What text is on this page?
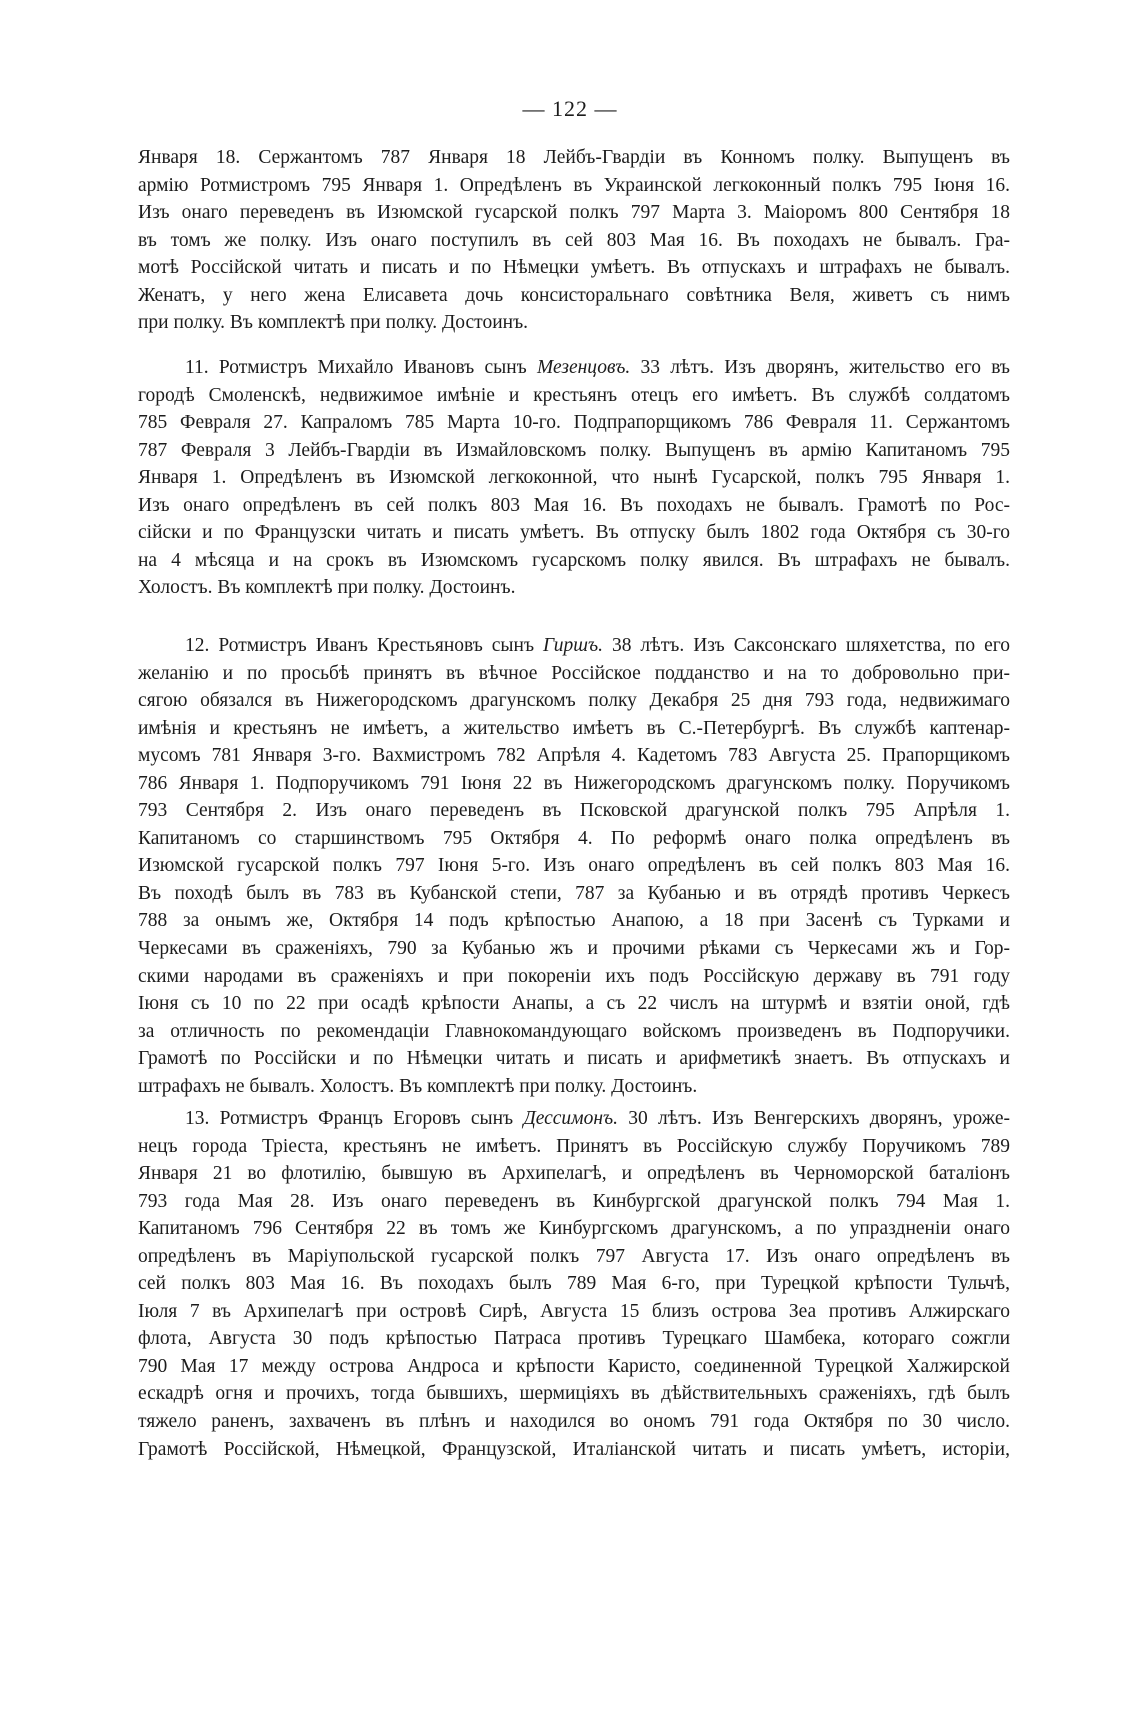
— 122 —
Января 18. Сержантомъ 787 Января 18 Лейбъ-Гвардіи въ Конномъ полку. Выпущенъ въ
армію Ротмистромъ 795 Января 1. Опредѣленъ въ Украинской легкоконный полкъ 795 Іюня 16.
Изъ онаго переведенъ въ Изюмской гусарской полкъ 797 Марта 3. Маіоромъ 800 Сентября 18
въ томъ же полку. Изъ онаго поступилъ въ сей 803 Мая 16. Въ походахъ не бывалъ. Гра-
мотѣ Россійской читать и писать и по Нѣмецки умѣетъ. Въ отпускахъ и штрафахъ не бывалъ.
Женатъ, у него жена Елисавета дочь консисторальнаго совѣтника Веля, живетъ съ нимъ
при полку. Въ комплектѣ при полку. Достоинъ.
11. Ротмистръ Михайло Ивановъ сынъ Мезенцовъ. 33 лѣтъ. Изъ дворянъ, жительство его въ
городѣ Смоленскѣ, недвижимое имѣніе и крестьянъ отецъ его имѣетъ. Въ службѣ солдатомъ
785 Февраля 27. Капраломъ 785 Марта 10-го. Подпрапорщикомъ 786 Февраля 11. Сержантомъ
787 Февраля 3 Лейбъ-Гвардіи въ Измайловскомъ полку. Выпущенъ въ армію Капитаномъ 795
Января 1. Опредѣленъ въ Изюмской легкоконной, что нынѣ Гусарской, полкъ 795 Января 1.
Изъ онаго опредѣленъ въ сей полкъ 803 Мая 16. Въ походахъ не бывалъ. Грамотѣ по Рос-
сійски и по Французски читать и писать умѣетъ. Въ отпуску былъ 1802 года Октября съ 30-го
на 4 мѣсяца и на срокъ въ Изюмскомъ гусарскомъ полку явился. Въ штрафахъ не бывалъ.
Холостъ. Въ комплектѣ при полку. Достоинъ.
12. Ротмистръ Иванъ Крестьяновъ сынъ Гиршъ. 38 лѣтъ. Изъ Саксонскаго шляхетства, по его
желанію и по просьбѣ принятъ въ вѣчное Россійское подданство и на то добровольно при-
сягою обязался въ Нижегородскомъ драгунскомъ полку Декабря 25 дня 793 года, недвижимаго
имѣнія и крестьянъ не имѣетъ, а жительство имѣетъ въ С.-Петербургѣ. Въ службѣ каптенар-
мусомъ 781 Января 3-го. Вахмистромъ 782 Апрѣля 4. Кадетомъ 783 Августа 25. Прапорщикомъ
786 Января 1. Подпоручикомъ 791 Іюня 22 въ Нижегородскомъ драгунскомъ полку. Поручикомъ
793 Сентября 2. Изъ онаго переведенъ въ Псковской драгунской полкъ 795 Апрѣля 1.
Капитаномъ со старшинствомъ 795 Октября 4. По реформѣ онаго полка опредѣленъ въ
Изюмской гусарской полкъ 797 Іюня 5-го. Изъ онаго опредѣленъ въ сей полкъ 803 Мая 16.
Въ походѣ былъ въ 783 въ Кубанской степи, 787 за Кубанью и въ отрядѣ противъ Черкесъ
788 за онымъ же, Октября 14 подъ крѣпостью Анапою, а 18 при Засенѣ съ Турками и
Черкесами въ сраженіяхъ, 790 за Кубанью жъ и прочими рѣками съ Черкесами жъ и Гор-
скими народами въ сраженіяхъ и при покореніи ихъ подъ Россійскую державу въ 791 году
Іюня съ 10 по 22 при осадѣ крѣпости Анапы, а съ 22 числъ на штурмѣ и взятіи оной, гдѣ
за отличность по рекомендаціи Главнокомандующаго войскомъ произведенъ въ Подпоручики.
Грамотѣ по Россійски и по Нѣмецки читать и писать и арифметикѣ знаетъ. Въ отпускахъ и
штрафахъ не бывалъ. Холостъ. Въ комплектѣ при полку. Достоинъ.
13. Ротмистръ Францъ Егоровъ сынъ Дессимонъ. 30 лѣтъ. Изъ Венгерскихъ дворянъ, уроже-
нецъ города Тріеста, крестьянъ не имѣетъ. Принятъ въ Россійскую службу Поручикомъ 789
Января 21 во флотилію, бывшую въ Архипелагѣ, и опредѣленъ въ Черноморской баталіонъ
793 года Мая 28. Изъ онаго переведенъ въ Кинбургской драгунской полкъ 794 Мая 1.
Капитаномъ 796 Сентября 22 въ томъ же Кинбургскомъ драгунскомъ, а по упраздненіи онаго
опредѣленъ въ Маріупольской гусарской полкъ 797 Августа 17. Изъ онаго опредѣленъ въ
сей полкъ 803 Мая 16. Въ походахъ былъ 789 Мая 6-го, при Турецкой крѣпости Тульчѣ,
Іюля 7 въ Архипелагѣ при островѣ Сирѣ, Августа 15 близъ острова Зеа противъ Алжирскаго
флота, Августа 30 подъ крѣпостью Патраса противъ Турецкаго Шамбека, котораго сожгли
790 Мая 17 между острова Андроса и крѣпости Каристо, соединенной Турецкой Халжирской
ескадрѣ огня и прочихъ, тогда бывшихъ, шермиціяхъ въ дѣйствительныхъ сраженіяхъ, гдѣ былъ
тяжело раненъ, захваченъ въ плѣнъ и находился во ономъ 791 года Октября по 30 число.
Грамотѣ Россійской, Нѣмецкой, Французской, Италіанской читать и писать умѣетъ, исторіи,
